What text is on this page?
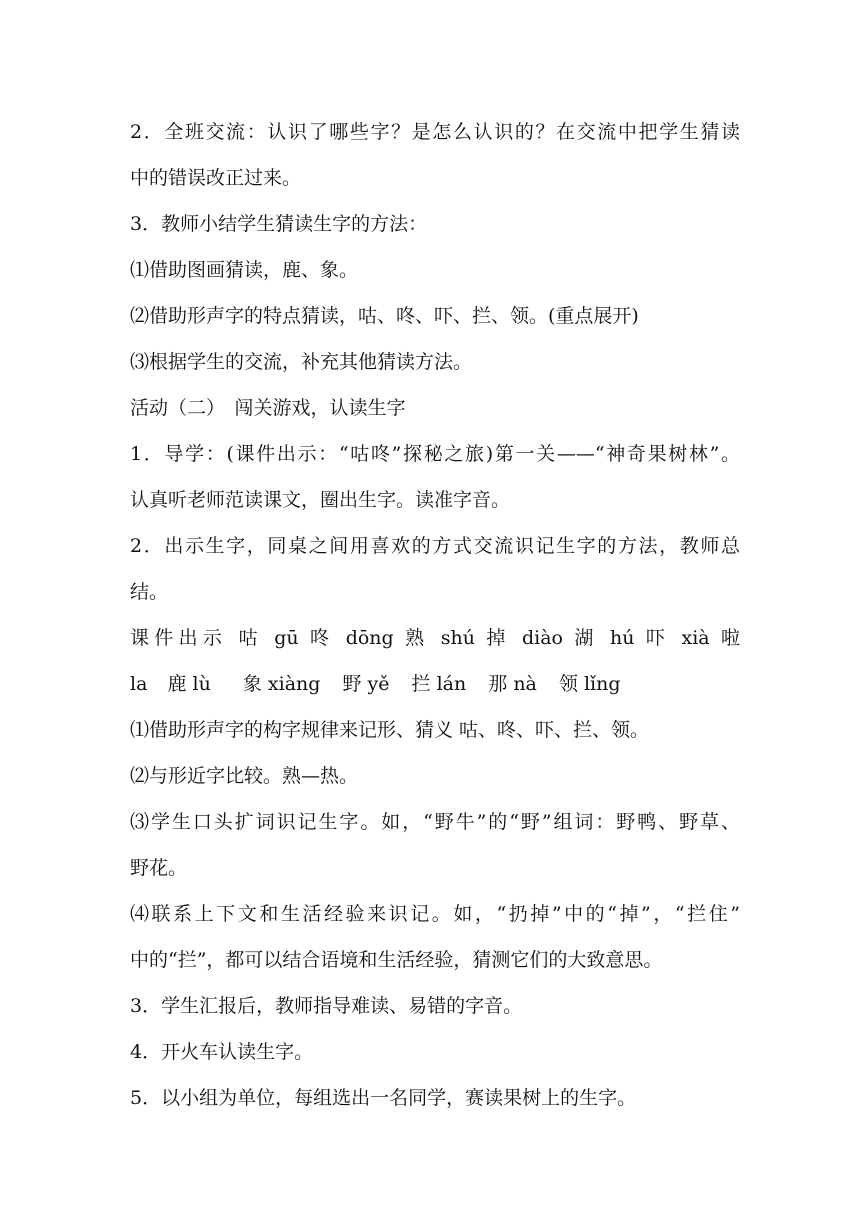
2．全班交流：认识了哪些字？是怎么认识的？在交流中把学生猜读
中的错误改正过来。
3．教师小结学生猜读生字的方法：
⑴借助图画猜读，鹿、象。
⑵借助形声字的特点猜读，咕、咚、吓、拦、领。(重点展开)
⑶根据学生的交流，补充其他猜读方法。
活动（二）　闯关游戏，认读生字
1．导学：(课件出示：“咕咚”探秘之旅)第一关——“神奇果树林”。
认真听老师范读课文，圈出生字。读准字音。
2．出示生字，同桌之间用喜欢的方式交流识记生字的方法，教师总
结。
课件出示 咕 gū 咚 dōng 熟 shú 掉 diào 湖 hú 吓 xià 啦
la 鹿 lù 象 xiàng 野 yě 拦 lán 那 nà 领 lǐng
⑴借助形声字的构字规律来记形、猜义 咕、咚、吓、拦、领。
⑵与形近字比较。熟—热。
⑶学生口头扩词识记生字。如，“野牛”的“野”组词：野鸭、野草、
野花。
⑷联系上下文和生活经验来识记。如，“扔掉”中的“掉”，“拦住”
中的“拦”，都可以结合语境和生活经验，猜测它们的大致意思。
3．学生汇报后，教师指导难读、易错的字音。
4．开火车认读生字。
5．以小组为单位，每组选出一名同学，赛读果树上的生字。
